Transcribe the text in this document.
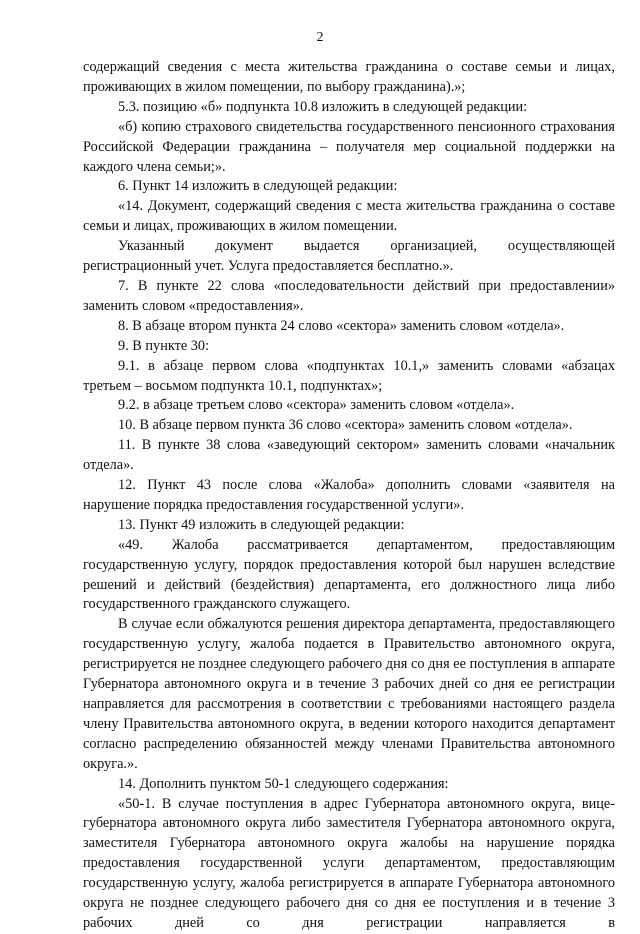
2

содержащий сведения с места жительства гражданина о составе семьи и лицах, проживающих в жилом помещении, по выбору гражданина).»;

5.3. позицию «б» подпункта 10.8 изложить в следующей редакции:

«б) копию страхового свидетельства государственного пенсионного страхования Российской Федерации гражданина – получателя мер социальной поддержки на каждого члена семьи;».

6. Пункт 14 изложить в следующей редакции:

«14. Документ, содержащий сведения с места жительства гражданина о составе семьи и лицах, проживающих в жилом помещении.

Указанный документ выдается организацией, осуществляющей регистрационный учет. Услуга предоставляется бесплатно.».

7. В пункте 22 слова «последовательности действий при предоставлении» заменить словом «предоставления».

8. В абзаце втором пункта 24 слово «сектора» заменить словом «отдела».

9. В пункте 30:

9.1. в абзаце первом слова «подпунктах 10.1,» заменить словами «абзацах третьем – восьмом подпункта 10.1, подпунктах»;

9.2. в абзаце третьем слово «сектора» заменить словом «отдела».

10. В абзаце первом пункта 36 слово «сектора» заменить словом «отдела».

11. В пункте 38 слова «заведующий сектором» заменить словами «начальник отдела».

12. Пункт 43 после слова «Жалоба» дополнить словами «заявителя на нарушение порядка предоставления государственной услуги».

13. Пункт 49 изложить в следующей редакции:

«49. Жалоба рассматривается департаментом, предоставляющим государственную услугу, порядок предоставления которой был нарушен вследствие решений и действий (бездействия) департамента, его должностного лица либо государственного гражданского служащего.

В случае если обжалуются решения директора департамента, предоставляющего государственную услугу, жалоба подается в Правительство автономного округа, регистрируется не позднее следующего рабочего дня со дня ее поступления в аппарате Губернатора автономного округа и в течение 3 рабочих дней со дня ее регистрации направляется для рассмотрения в соответствии с требованиями настоящего раздела члену Правительства автономного округа, в ведении которого находится департамент согласно распределению обязанностей между членами Правительства автономного округа.».

14. Дополнить пунктом 50-1 следующего содержания:

«50-1. В случае поступления в адрес Губернатора автономного округа, вице-губернатора автономного округа либо заместителя Губернатора автономного округа, заместителя Губернатора автономного округа жалобы на нарушение порядка предоставления государственной услуги департаментом, предоставляющим государственную услугу, жалоба регистрируется в аппарате Губернатора автономного округа не позднее следующего рабочего дня со дня ее поступления и в течение 3 рабочих дней со дня регистрации направляется в
